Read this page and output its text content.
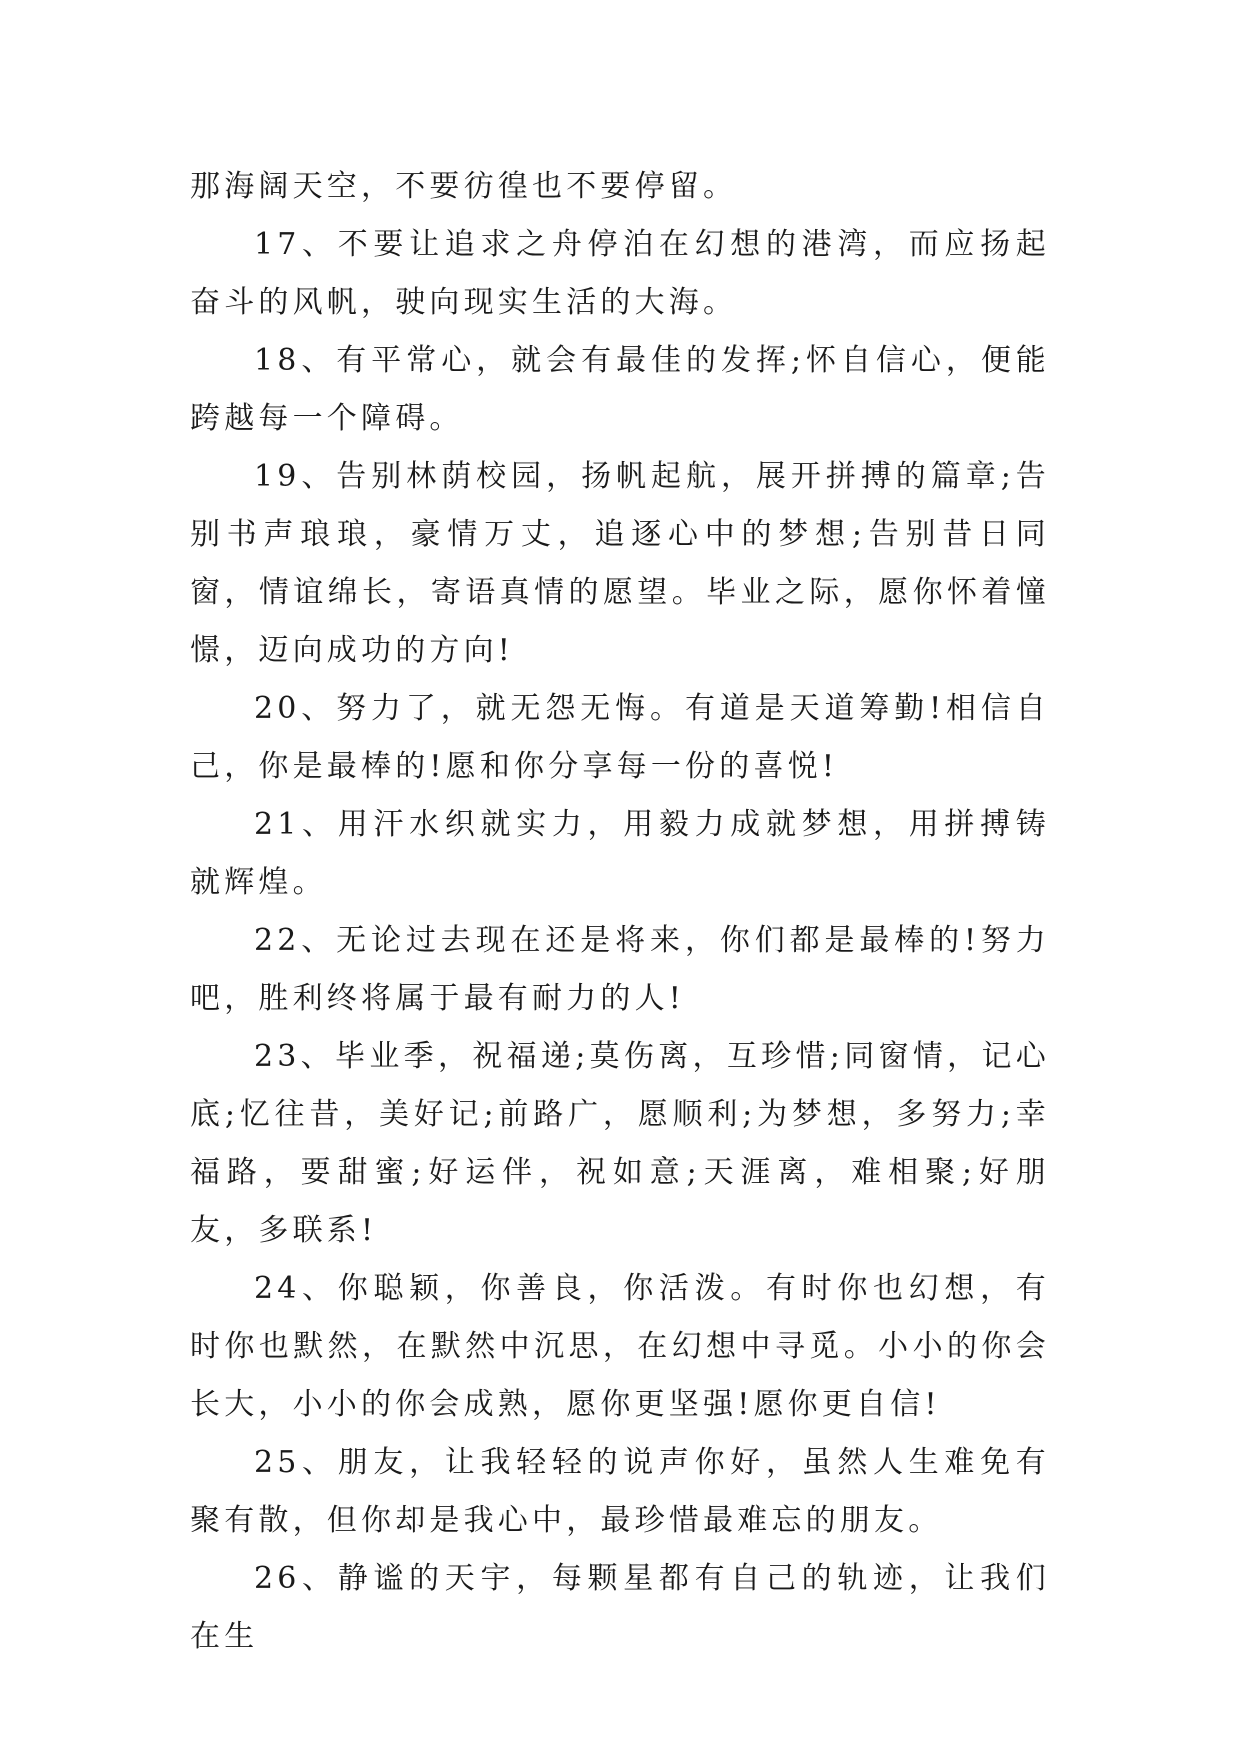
那海阔天空，不要彷徨也不要停留。

17、不要让追求之舟停泊在幻想的港湾，而应扬起奋斗的风帆，驶向现实生活的大海。

18、有平常心，就会有最佳的发挥;怀自信心，便能跨越每一个障碍。

19、告别林荫校园，扬帆起航，展开拼搏的篇章;告别书声琅琅，豪情万丈，追逐心中的梦想;告别昔日同窗，情谊绵长，寄语真情的愿望。毕业之际，愿你怀着憧憬，迈向成功的方向!

20、努力了，就无怨无悔。有道是天道筹勤!相信自己，你是最棒的!愿和你分享每一份的喜悦!

21、用汗水织就实力，用毅力成就梦想，用拼搏铸就辉煌。

22、无论过去现在还是将来，你们都是最棒的!努力吧，胜利终将属于最有耐力的人!

23、毕业季，祝福递;莫伤离，互珍惜;同窗情，记心底;忆往昔，美好记;前路广，愿顺利;为梦想，多努力;幸福路，要甜蜜;好运伴，祝如意;天涯离，难相聚;好朋友，多联系!

24、你聪颖，你善良，你活泼。有时你也幻想，有时你也默然，在默然中沉思，在幻想中寻觅。小小的你会长大，小小的你会成熟，愿你更坚强!愿你更自信!

25、朋友，让我轻轻的说声你好，虽然人生难免有聚有散，但你却是我心中，最珍惜最难忘的朋友。

26、静谧的天宇，每颗星都有自己的轨迹，让我们在生
